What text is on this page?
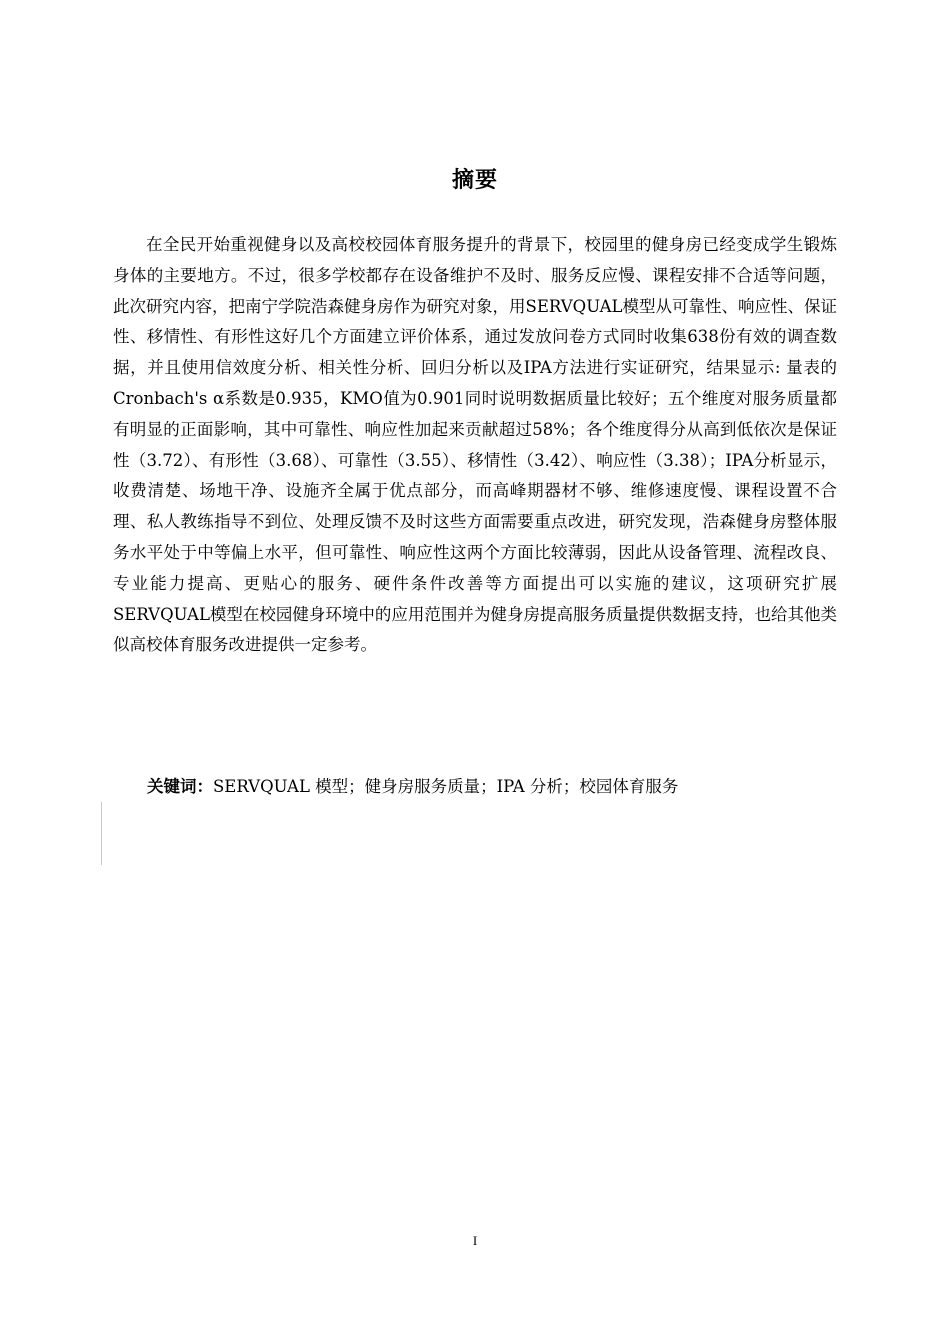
摘要

在全民开始重视健身以及高校校园体育服务提升的背景下，校园里的健身房已经变成学生锻炼身体的主要地方。不过，很多学校都存在设备维护不及时、服务反应慢、课程安排不合适等问题，此次研究内容，把南宁学院浩森健身房作为研究对象，用SERVQUAL模型从可靠性、响应性、保证性、移情性、有形性这好几个方面建立评价体系，通过发放问卷方式同时收集638份有效的调查数据，并且使用信效度分析、相关性分析、回归分析以及IPA方法进行实证研究，结果显示: 量表的Cronbach's α系数是0.935，KMO值为0.901同时说明数据质量比较好；五个维度对服务质量都有明显的正面影响，其中可靠性、响应性加起来贡献超过58%；各个维度得分从高到低依次是保证性（3.72）、有形性（3.68）、可靠性（3.55）、移情性（3.42）、响应性（3.38）；IPA分析显示，收费清楚、场地干净、设施齐全属于优点部分，而高峰期器材不够、维修速度慢、课程设置不合理、私人教练指导不到位、处理反馈不及时这些方面需要重点改进，研究发现，浩森健身房整体服务水平处于中等偏上水平，但可靠性、响应性这两个方面比较薄弱，因此从设备管理、流程改良、专业能力提高、更贴心的服务、硬件条件改善等方面提出可以实施的建议，这项研究扩展SERVQUAL模型在校园健身环境中的应用范围并为健身房提高服务质量提供数据支持，也给其他类似高校体育服务改进提供一定参考。

关键词：SERVQUAL 模型；健身房服务质量；IPA 分析；校园体育服务
I
